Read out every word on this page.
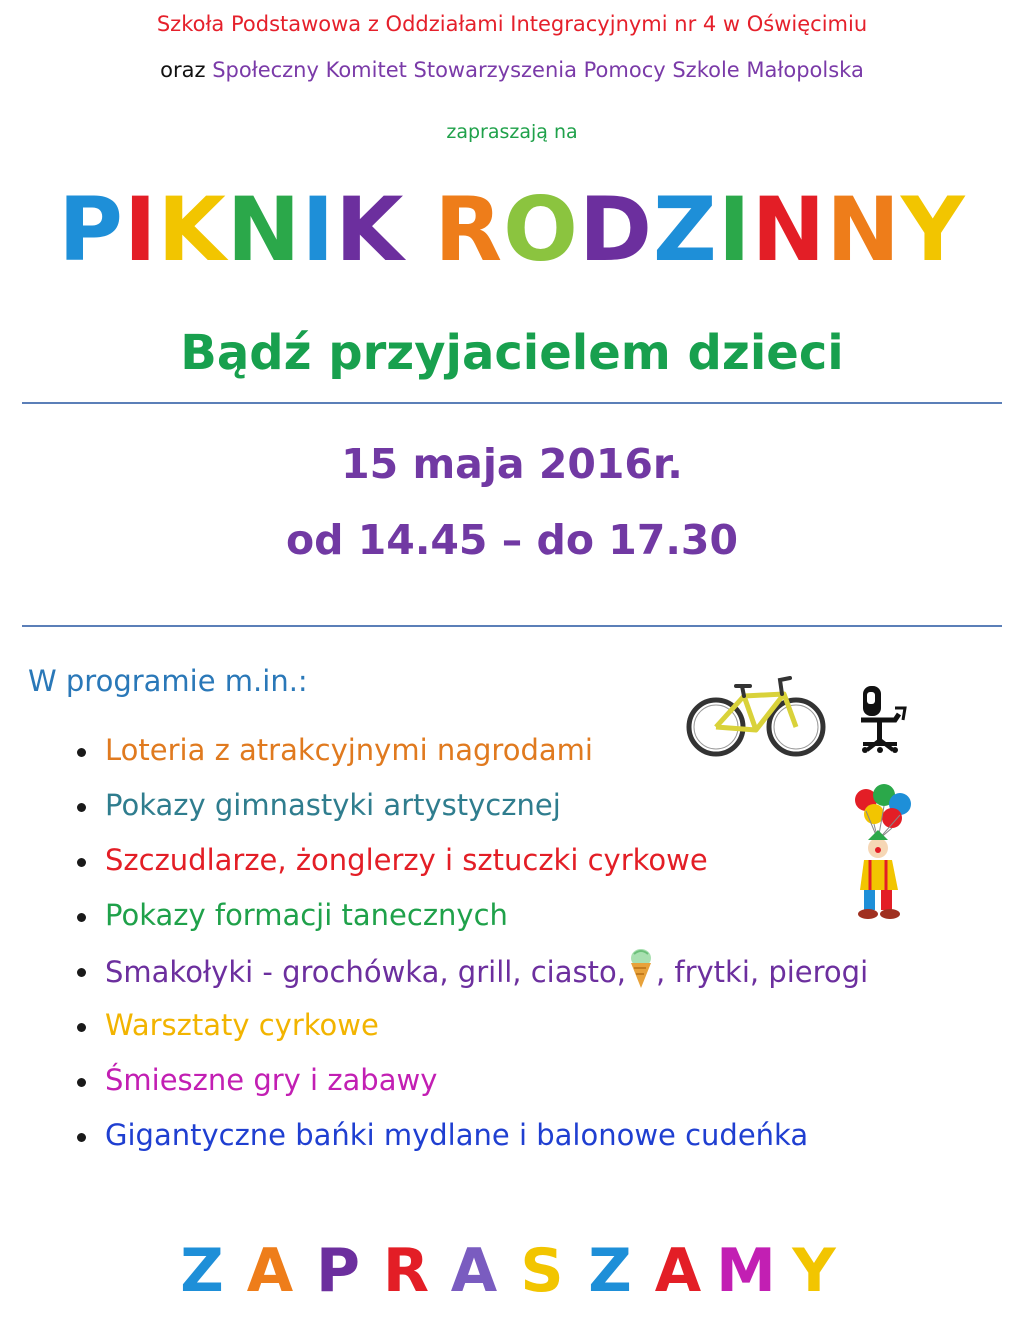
Szkoła Podstawowa z Oddziałami Integracyjnymi nr 4 w Oświęcimiu
oraz Społeczny Komitet Stowarzyszenia Pomocy Szkole Małopolska
zapraszają na
PIKNIK RODZINNY
Bądź przyjacielem dzieci
15 maja 2016r.
od 14.45 – do 17.30
W programie m.in.:
Loteria z atrakcyjnymi nagrodami
Pokazy gimnastyki artystycznej
Szczudlarze, żonglerzy i sztuczki cyrkowe
Pokazy formacji tanecznych
Smakołyki - grochówka, grill, ciasto, , frytki, pierogi
Warsztaty cyrkowe
Śmieszne gry i zabawy
Gigantyczne bańki mydlane i balonowe cudeńka
Z A P R A S Z A M Y
